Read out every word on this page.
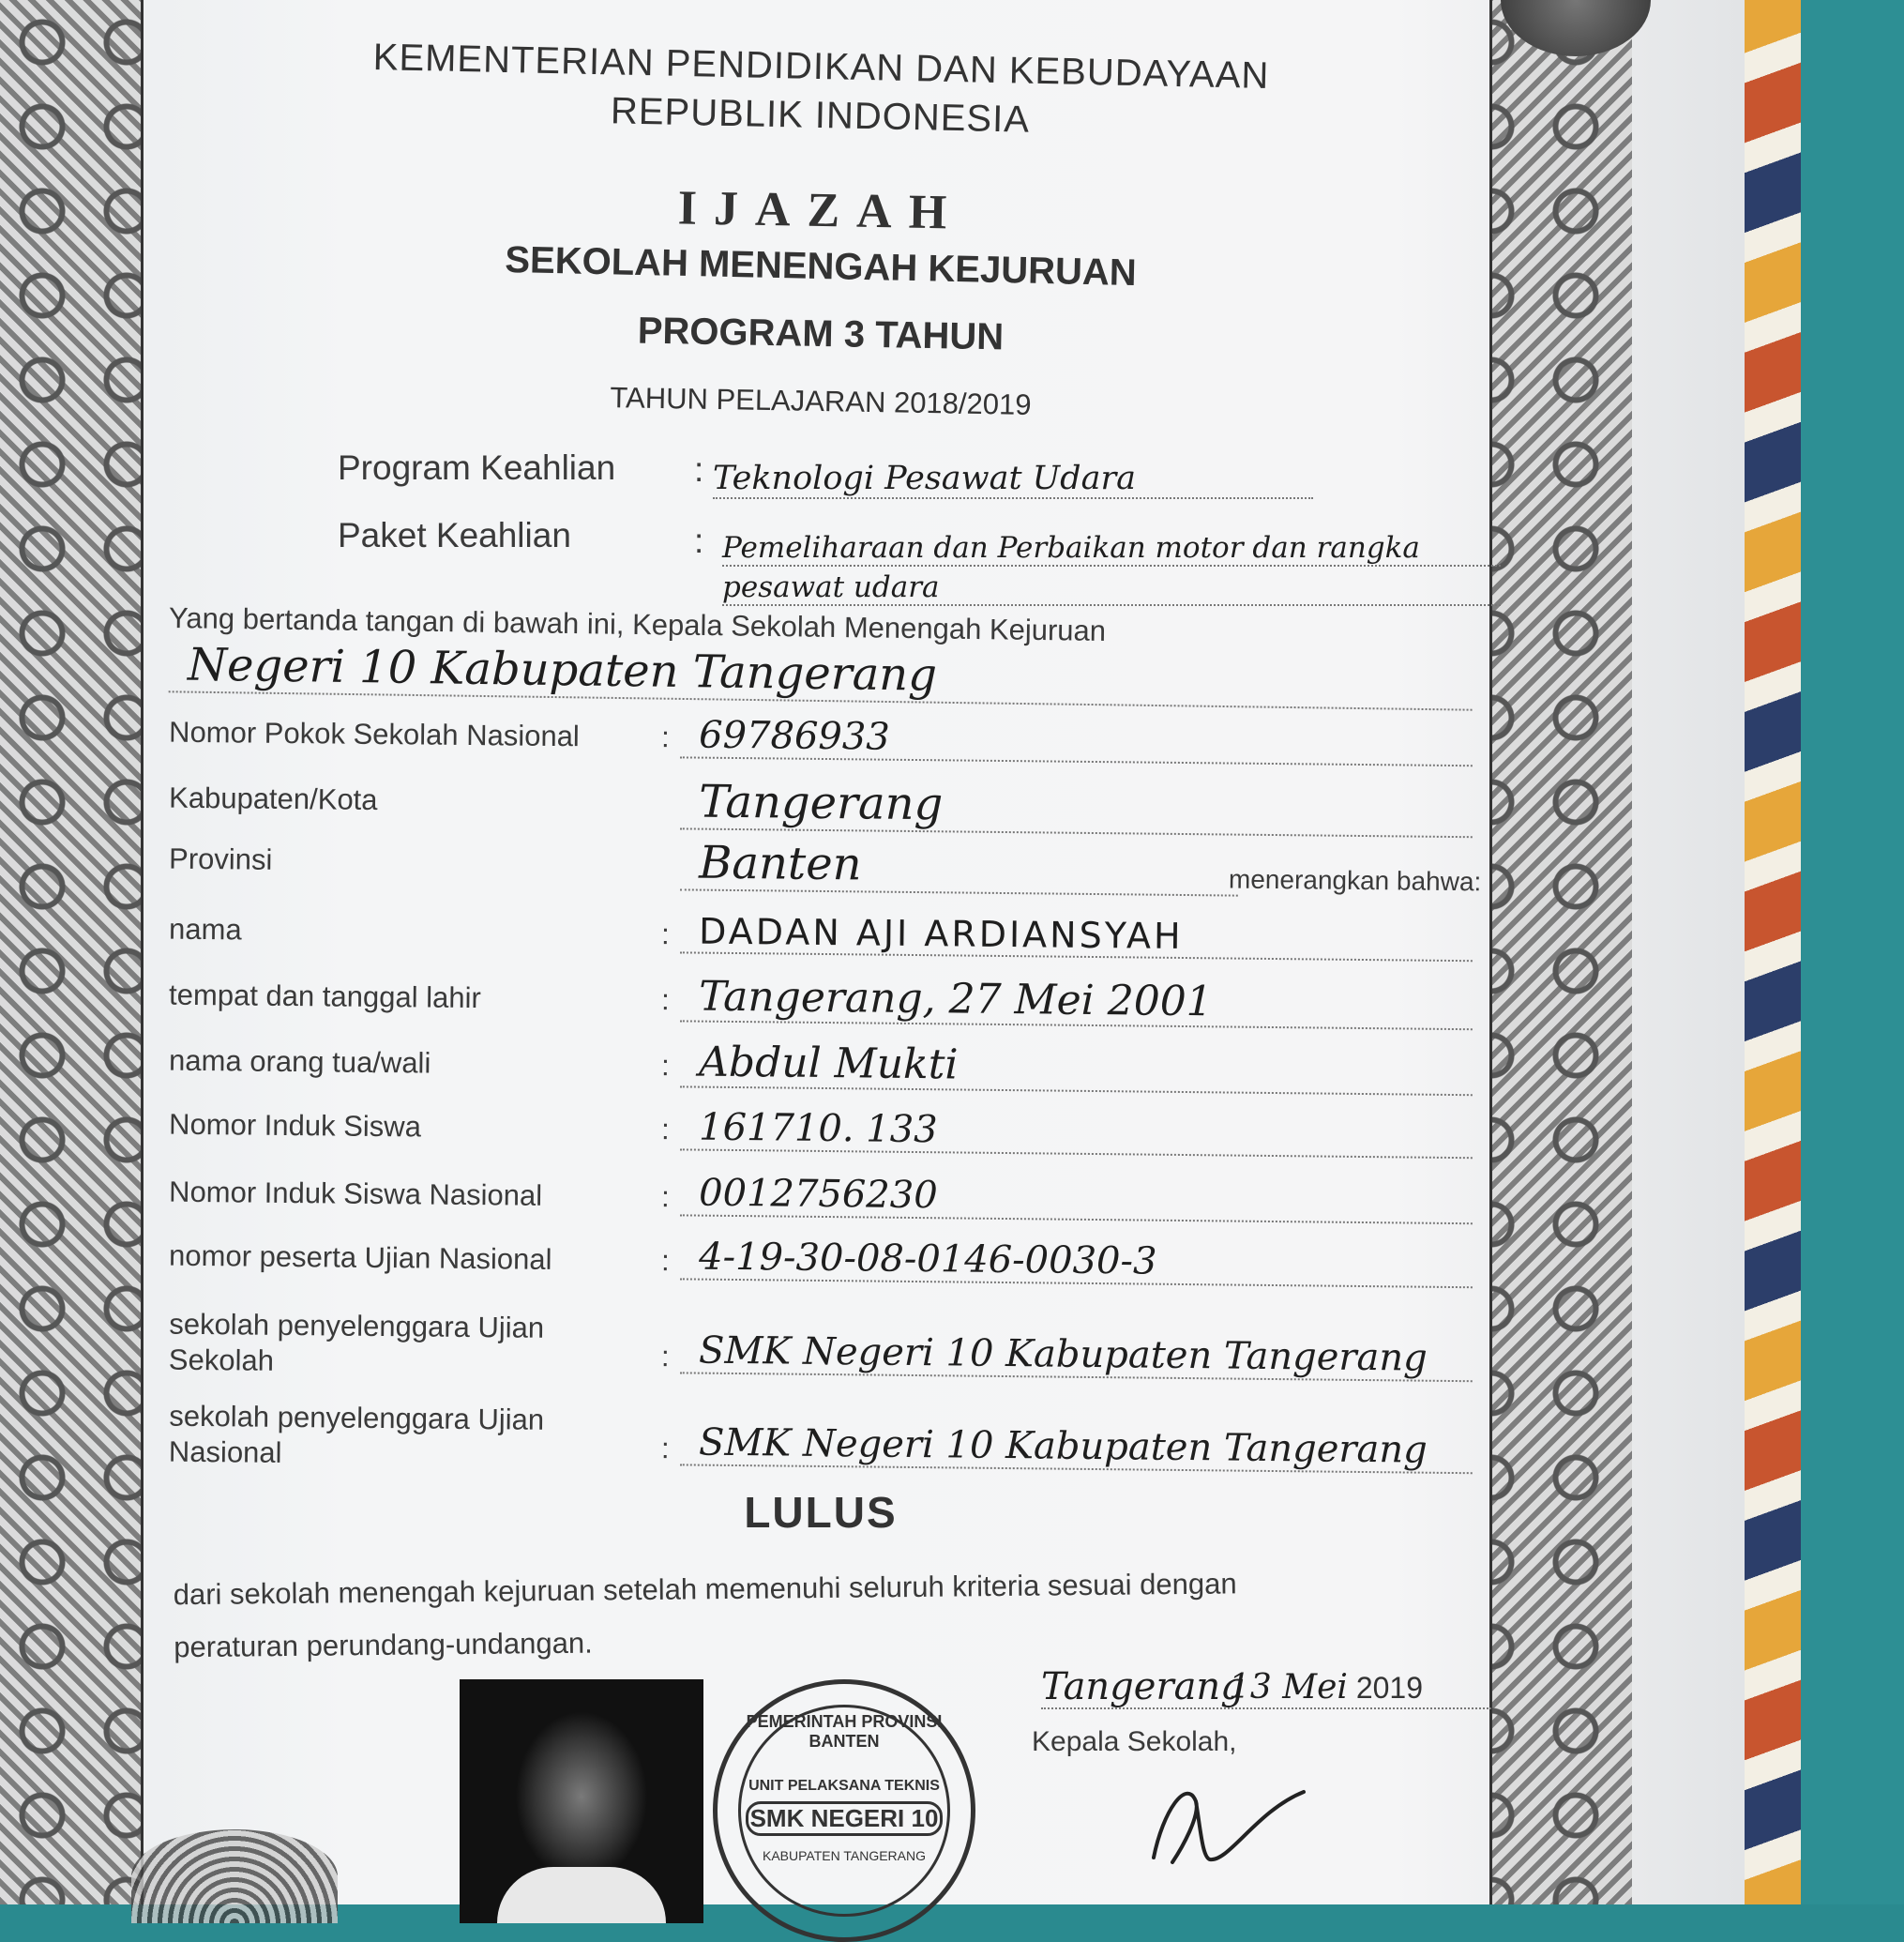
KEMENTERIAN PENDIDIKAN DAN KEBUDAYAAN
REPUBLIK INDONESIA
IJAZAH
SEKOLAH MENENGAH KEJURUAN
PROGRAM 3 TAHUN
TAHUN PELAJARAN 2018/2019
Program Keahlian : Teknologi Pesawat Udara
Paket Keahlian	: Pemeliharaan dan Perbaikan motor dan rangka
pesawat udara
Yang bertanda tangan di bawah ini, Kepala Sekolah Menengah Kejuruan
Negeri 10 Kabupaten Tangerang
Nomor Pokok Sekolah Nasional	: 69786933
Kabupaten/Kota	Tangerang
Provinsi	Banten	menerangkan bahwa:
nama	: DADAN AJI ARDIANSYAH
tempat dan tanggal lahir	: Tangerang, 27 Mei 2001
nama orang tua/wali	: Abdul Mukti
Nomor Induk Siswa	: 161710. 133
Nomor Induk Siswa Nasional	: 0012756230
nomor peserta Ujian Nasional	: 4-19-30-08-0146-0030-3
sekolah penyelenggara Ujian
Sekolah	: SMK Negeri 10 Kabupaten Tangerang
sekolah penyelenggara Ujian
Nasional	: SMK Negeri 10 Kabupaten Tangerang
LULUS
dari sekolah menengah kejuruan setelah memenuhi seluruh kriteria sesuai dengan
peraturan perundang-undangan.
PEMERINTAH PROVINSI BANTEN
UNIT PELAKSANA TEKNIS
SMK NEGERI 10
KABUPATEN TANGERANG
Tangerang
13 Mei 2019
Kepala Sekolah,
